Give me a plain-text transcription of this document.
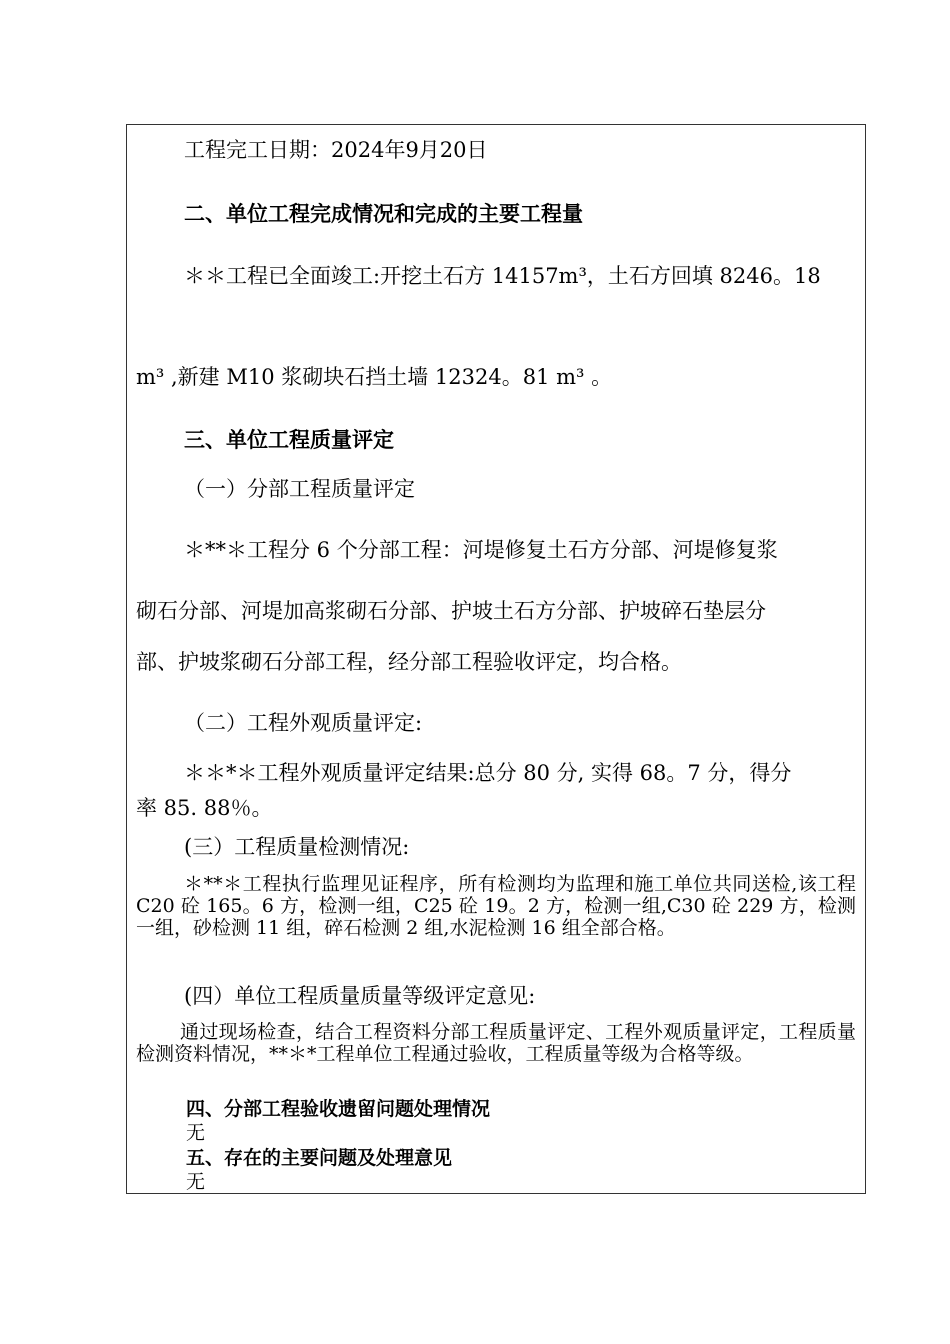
工程完工日期：2024年9月20日
二、单位工程完成情况和完成的主要工程量
＊＊工程已全面竣工:开挖土石方 14157m³，土石方回填 8246。18
m³ ,新建 M10 浆砌块石挡土墙 12324。81 m³ 。
三、单位工程质量评定
（一）分部工程质量评定
＊**＊工程分 6 个分部工程：河堤修复土石方分部、河堤修复浆
砌石分部、河堤加高浆砌石分部、护坡土石方分部、护坡碎石垫层分
部、护坡浆砌石分部工程，经分部工程验收评定，均合格。
（二）工程外观质量评定:
＊＊*＊工程外观质量评定结果:总分 80 分, 实得 68。7 分，得分
率 85. 88％。
(三）工程质量检测情况:
＊**＊工程执行监理见证程序，所有检测均为监理和施工单位共同送检,该工程 C20 砼 165。6 方，检测一组，C25 砼 19。2 方，检测一组,C30 砼 229 方，检测一组，砂检测 11 组，碎石检测 2 组,水泥检测 16 组全部合格。
(四）单位工程质量质量等级评定意见:
通过现场检查，结合工程资料分部工程质量评定、工程外观质量评定，工程质量检测资料情况，**＊*工程单位工程通过验收，工程质量等级为合格等级。
四、分部工程验收遗留问题处理情况
无
五、存在的主要问题及处理意见
无
